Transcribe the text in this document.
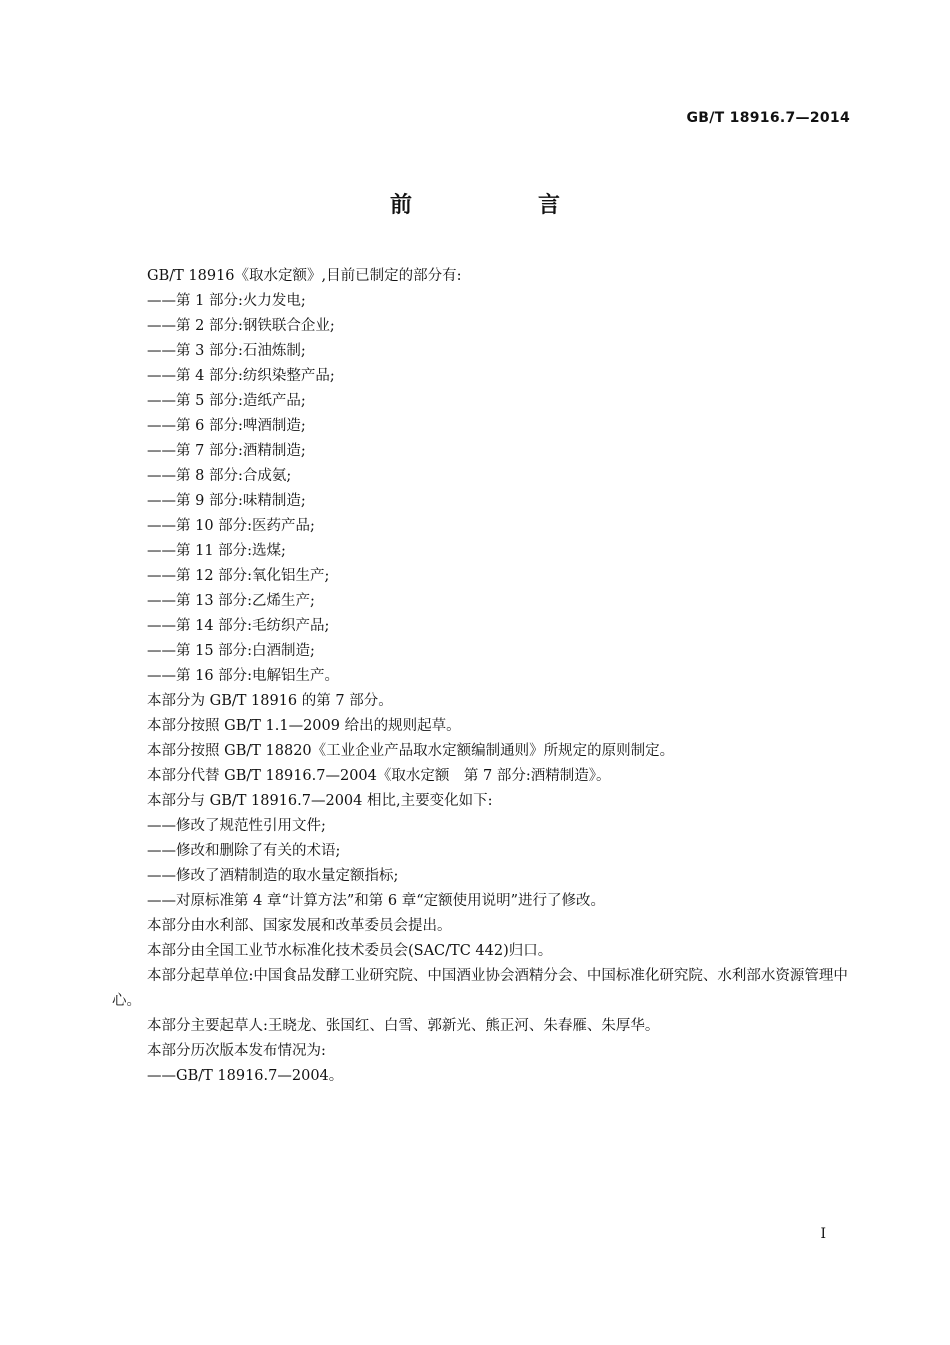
GB/T 18916.7—2014
前　言
GB/T 18916《取水定额》,目前已制定的部分有:
——第 1 部分:火力发电;
——第 2 部分:钢铁联合企业;
——第 3 部分:石油炼制;
——第 4 部分:纺织染整产品;
——第 5 部分:造纸产品;
——第 6 部分:啤酒制造;
——第 7 部分:酒精制造;
——第 8 部分:合成氨;
——第 9 部分:味精制造;
——第 10 部分:医药产品;
——第 11 部分:选煤;
——第 12 部分:氧化铝生产;
——第 13 部分:乙烯生产;
——第 14 部分:毛纺织产品;
——第 15 部分:白酒制造;
——第 16 部分:电解铝生产。
本部分为 GB/T 18916 的第 7 部分。
本部分按照 GB/T 1.1—2009 给出的规则起草。
本部分按照 GB/T 18820《工业企业产品取水定额编制通则》所规定的原则制定。
本部分代替 GB/T 18916.7—2004《取水定额　第 7 部分:酒精制造》。
本部分与 GB/T 18916.7—2004 相比,主要变化如下:
——修改了规范性引用文件;
——修改和删除了有关的术语;
——修改了酒精制造的取水量定额指标;
——对原标准第 4 章“计算方法”和第 6 章“定额使用说明”进行了修改。
本部分由水利部、国家发展和改革委员会提出。
本部分由全国工业节水标准化技术委员会(SAC/TC 442)归口。
本部分起草单位:中国食品发酵工业研究院、中国酒业协会酒精分会、中国标准化研究院、水利部水资源管理中心。
本部分主要起草人:王晓龙、张国红、白雪、郭新光、熊正河、朱春雁、朱厚华。
本部分历次版本发布情况为:
——GB/T 18916.7—2004。
I
